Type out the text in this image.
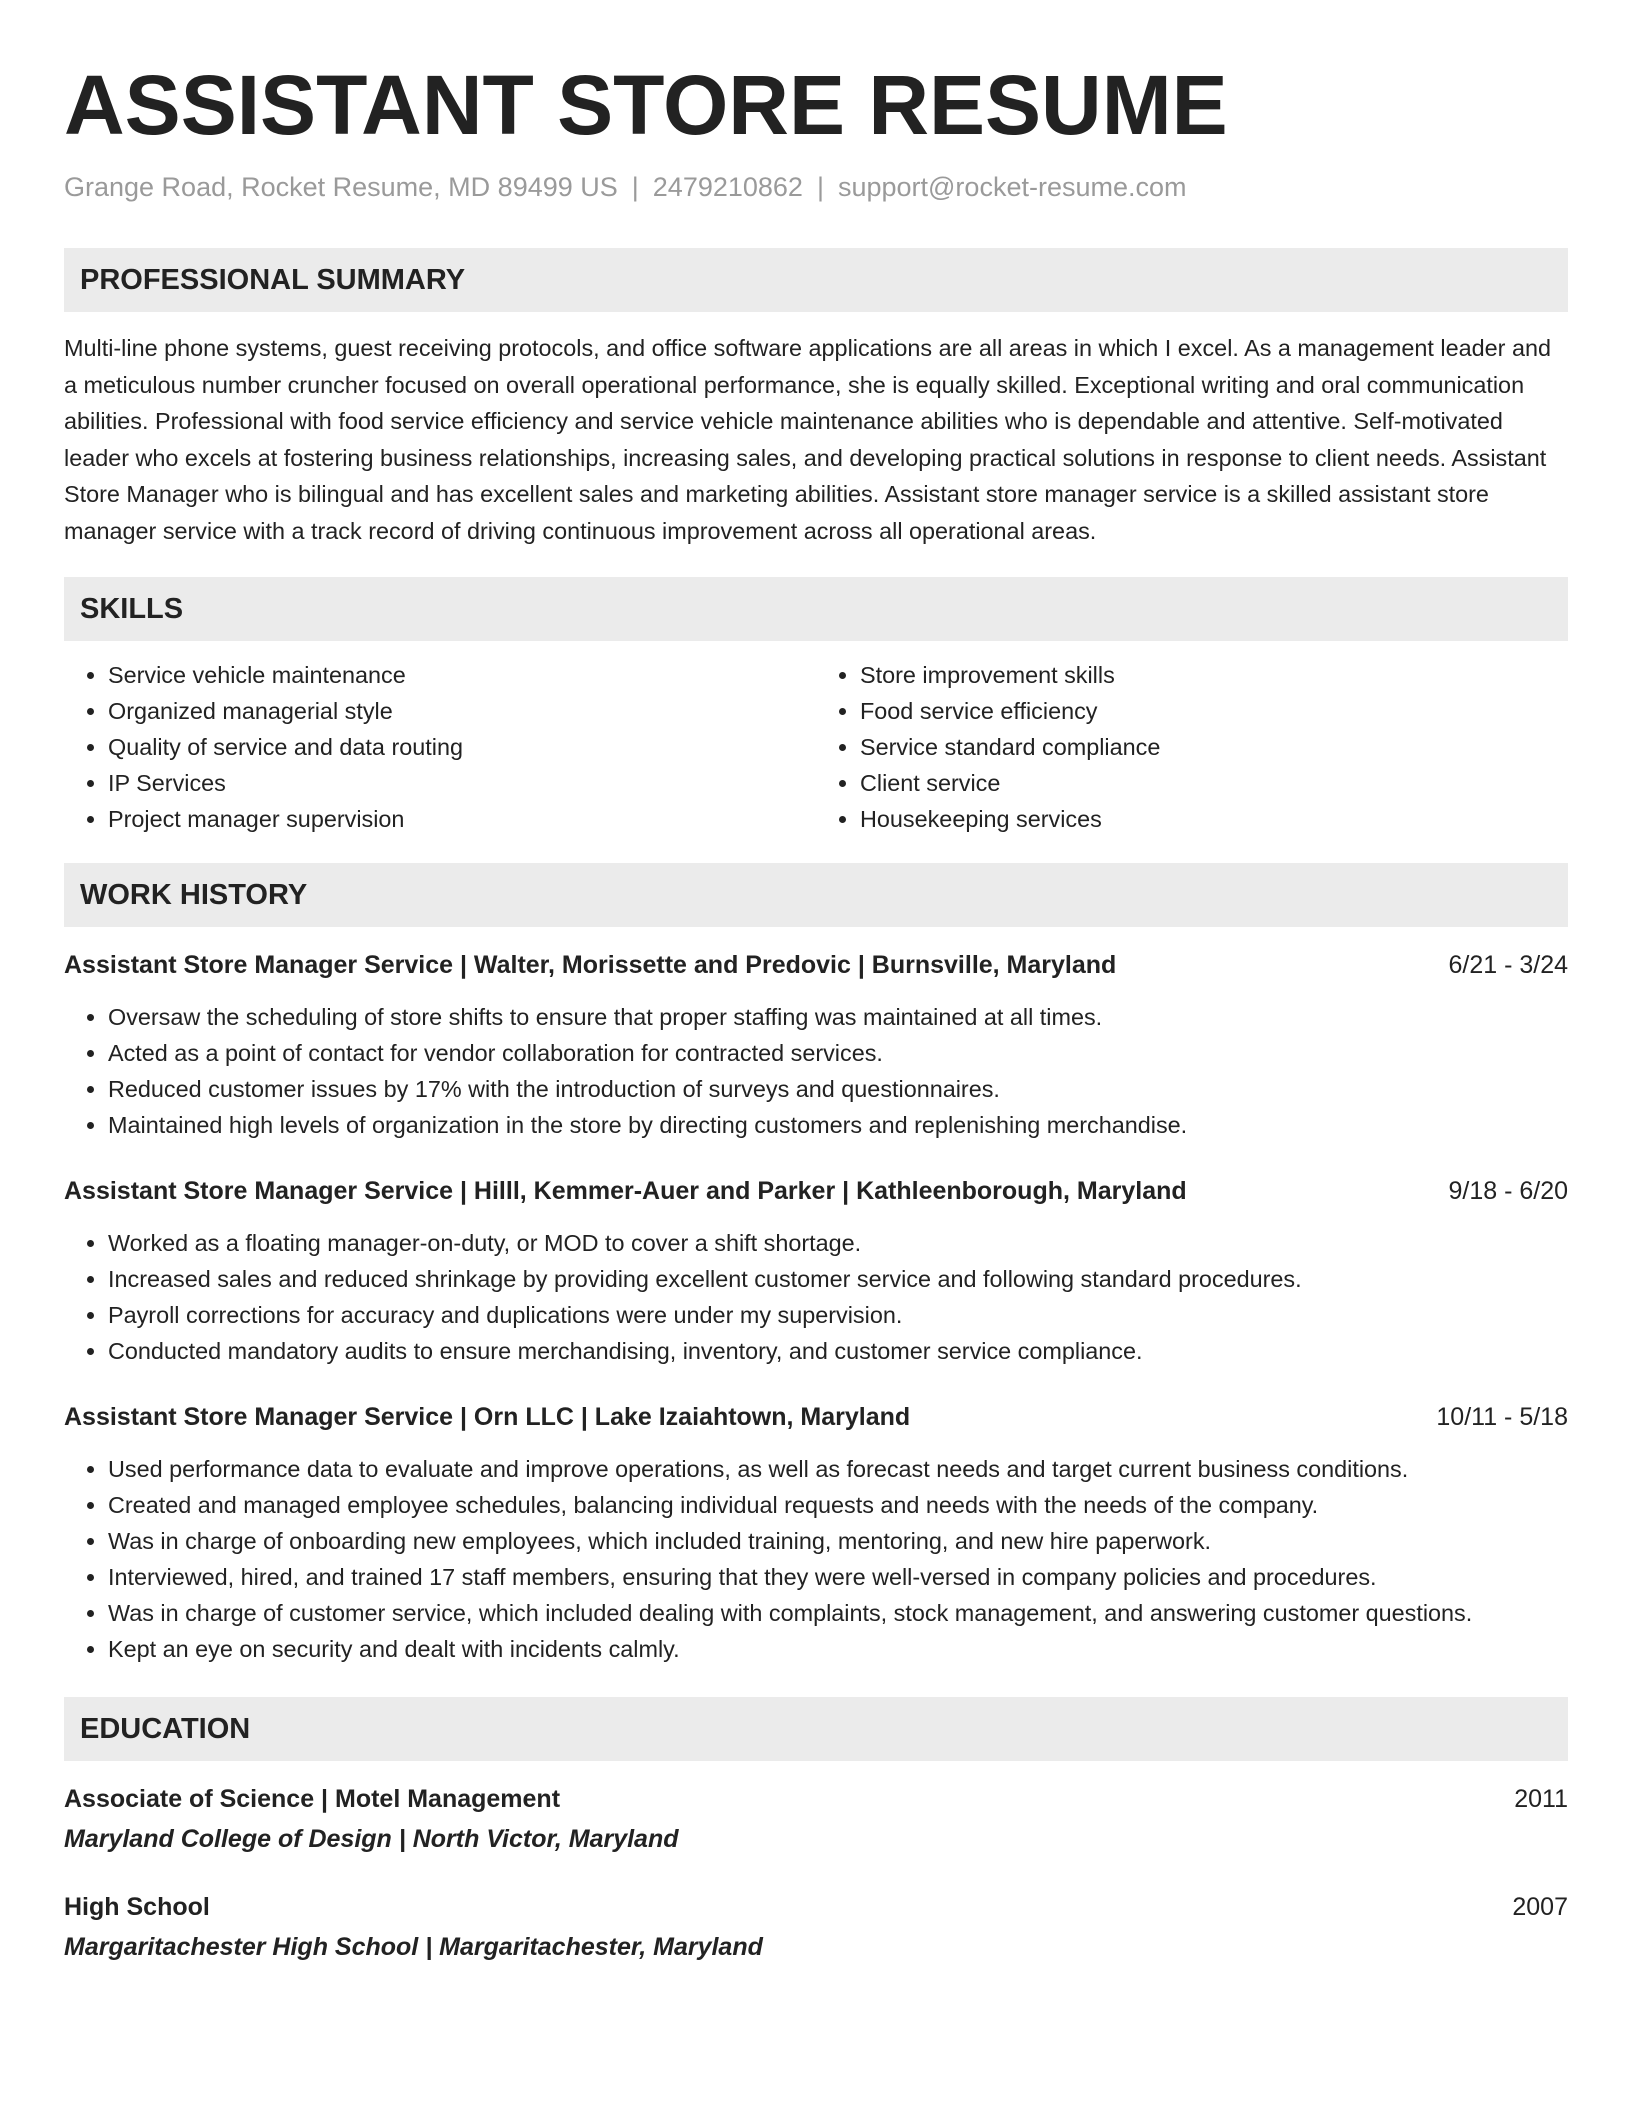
ASSISTANT STORE RESUME
Grange Road, Rocket Resume, MD 89499 US | 2479210862 | support@rocket-resume.com
PROFESSIONAL SUMMARY

Multi-line phone systems, guest receiving protocols, and office software applications are all areas in which I excel. As a management leader and a meticulous number cruncher focused on overall operational performance, she is equally skilled. Exceptional writing and oral communication abilities. Professional with food service efficiency and service vehicle maintenance abilities who is dependable and attentive. Self-motivated leader who excels at fostering business relationships, increasing sales, and developing practical solutions in response to client needs. Assistant Store Manager who is bilingual and has excellent sales and marketing abilities. Assistant store manager service is a skilled assistant store manager service with a track record of driving continuous improvement across all operational areas.

SKILLS
• Service vehicle maintenance
• Organized managerial style
• Quality of service and data routing
• IP Services
• Project manager supervision
• Store improvement skills
• Food service efficiency
• Service standard compliance
• Client service
• Housekeeping services
WORK HISTORY
Assistant Store Manager Service | Walter, Morissette and Predovic | Burnsville, Maryland	6/21 - 3/24
• Oversaw the scheduling of store shifts to ensure that proper staffing was maintained at all times.
• Acted as a point of contact for vendor collaboration for contracted services.
• Reduced customer issues by 17% with the introduction of surveys and questionnaires.
• Maintained high levels of organization in the store by directing customers and replenishing merchandise.
Assistant Store Manager Service | Hilll, Kemmer-Auer and Parker | Kathleenborough, Maryland	9/18 - 6/20
• Worked as a floating manager-on-duty, or MOD to cover a shift shortage.
• Increased sales and reduced shrinkage by providing excellent customer service and following standard procedures.
• Payroll corrections for accuracy and duplications were under my supervision.
• Conducted mandatory audits to ensure merchandising, inventory, and customer service compliance.
Assistant Store Manager Service | Orn LLC | Lake Izaiahtown, Maryland	10/11 - 5/18
• Used performance data to evaluate and improve operations, as well as forecast needs and target current business conditions.
• Created and managed employee schedules, balancing individual requests and needs with the needs of the company.
• Was in charge of onboarding new employees, which included training, mentoring, and new hire paperwork.
• Interviewed, hired, and trained 17 staff members, ensuring that they were well-versed in company policies and procedures.
• Was in charge of customer service, which included dealing with complaints, stock management, and answering customer questions.
• Kept an eye on security and dealt with incidents calmly.
EDUCATION
Associate of Science | Motel Management	2011
Maryland College of Design | North Victor, Maryland
High School	2007
Margaritachester High School | Margaritachester, Maryland
